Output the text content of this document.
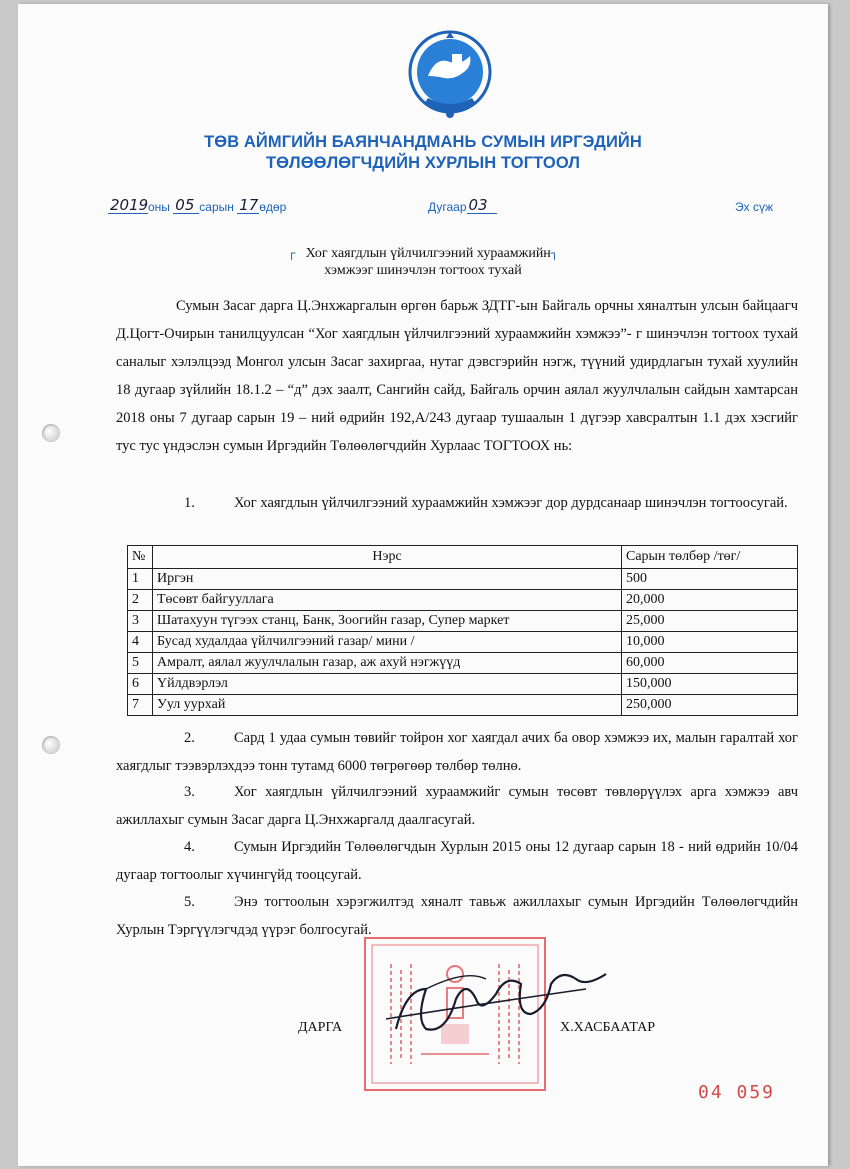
ТӨВ АЙМГИЙН БАЯНЧАНДМАНЬ СУМЫН ИРГЭДИЙН
ТӨЛӨӨЛӨГЧДИЙН ХУРЛЫН ТОГТООЛ
2019 оны 05 сарын 17 өдөр	Дугаар 03	Эх сүж
┌ Хог хаягдлын үйлчилгээний хураамжийн┐
хэмжээг шинэчлэн тогтоох тухай
Сумын Засаг дарга Ц.Энхжаргалын өргөн барьж ЗДТГ-ын Байгаль орчны хяналтын улсын байцаагч Д.Цогт-Очирын танилцуулсан “Хог хаягдлын үйлчилгээний хураамжийн хэмжээ”- г шинэчлэн тогтоох тухай саналыг хэлэлцээд Монгол улсын Засаг захиргаа, нутаг дэвсгэрийн нэгж, түүний удирдлагын тухай хуулийн 18 дугаар зүйлийн 18.1.2 – “д” дэх заалт, Сангийн сайд, Байгаль орчин аялал жуулчлалын сайдын хамтарсан 2018 оны 7 дугаар сарын 19 – ний өдрийн 192,А/243 дугаар тушаалын 1 дүгээр хавсралтын 1.1 дэх хэсгийг тус тус үндэслэн сумын Иргэдийн Төлөөлөгчдийн Хурлаас ТОГТООХ нь:
1.	Хог хаягдлын үйлчилгээний хураамжийн хэмжээг дор дурдсанаар шинэчлэн тогтоосугай.
№	Нэрс	Сарын төлбөр /төг/
1	Иргэн	500
2	Төсөвт байгууллага	20,000
3	Шатахуун түгээх станц, Банк, Зоогийн газар, Супер маркет	25,000
4	Бусад худалдаа үйлчилгээний газар/ мини /	10,000
5	Амралт, аялал жуулчлалын газар, аж ахуй нэгжүүд	60,000
6	Үйлдвэрлэл	150,000
7	Уул уурхай	250,000
2.	Сард 1 удаа сумын төвийг тойрон хог хаягдал ачих ба овор хэмжээ их, малын гаралтай хог хаягдлыг тээвэрлэхдээ тонн тутамд 6000 төгрөгөөр төлбөр төлнө.
3.	Хог хаягдлын үйлчилгээний хураамжийг сумын төсөвт төвлөрүүлэх арга хэмжээ авч ажиллахыг сумын Засаг дарга Ц.Энхжаргалд даалгасугай.
4.	Сумын Иргэдийн Төлөөлөгчдын Хурлын 2015 оны 12 дугаар сарын 18 - ний өдрийн 10/04 дугаар тогтоолыг хүчингүйд тооцсугай.
5.	Энэ тогтоолын хэрэгжилтэд хяналт тавьж ажиллахыг сумын Иргэдийн Төлөөлөгчдийн Хурлын Тэргүүлэгчдэд үүрэг болгосугай.
ДАРГА	Х.ХАСБААТАР
04 059
